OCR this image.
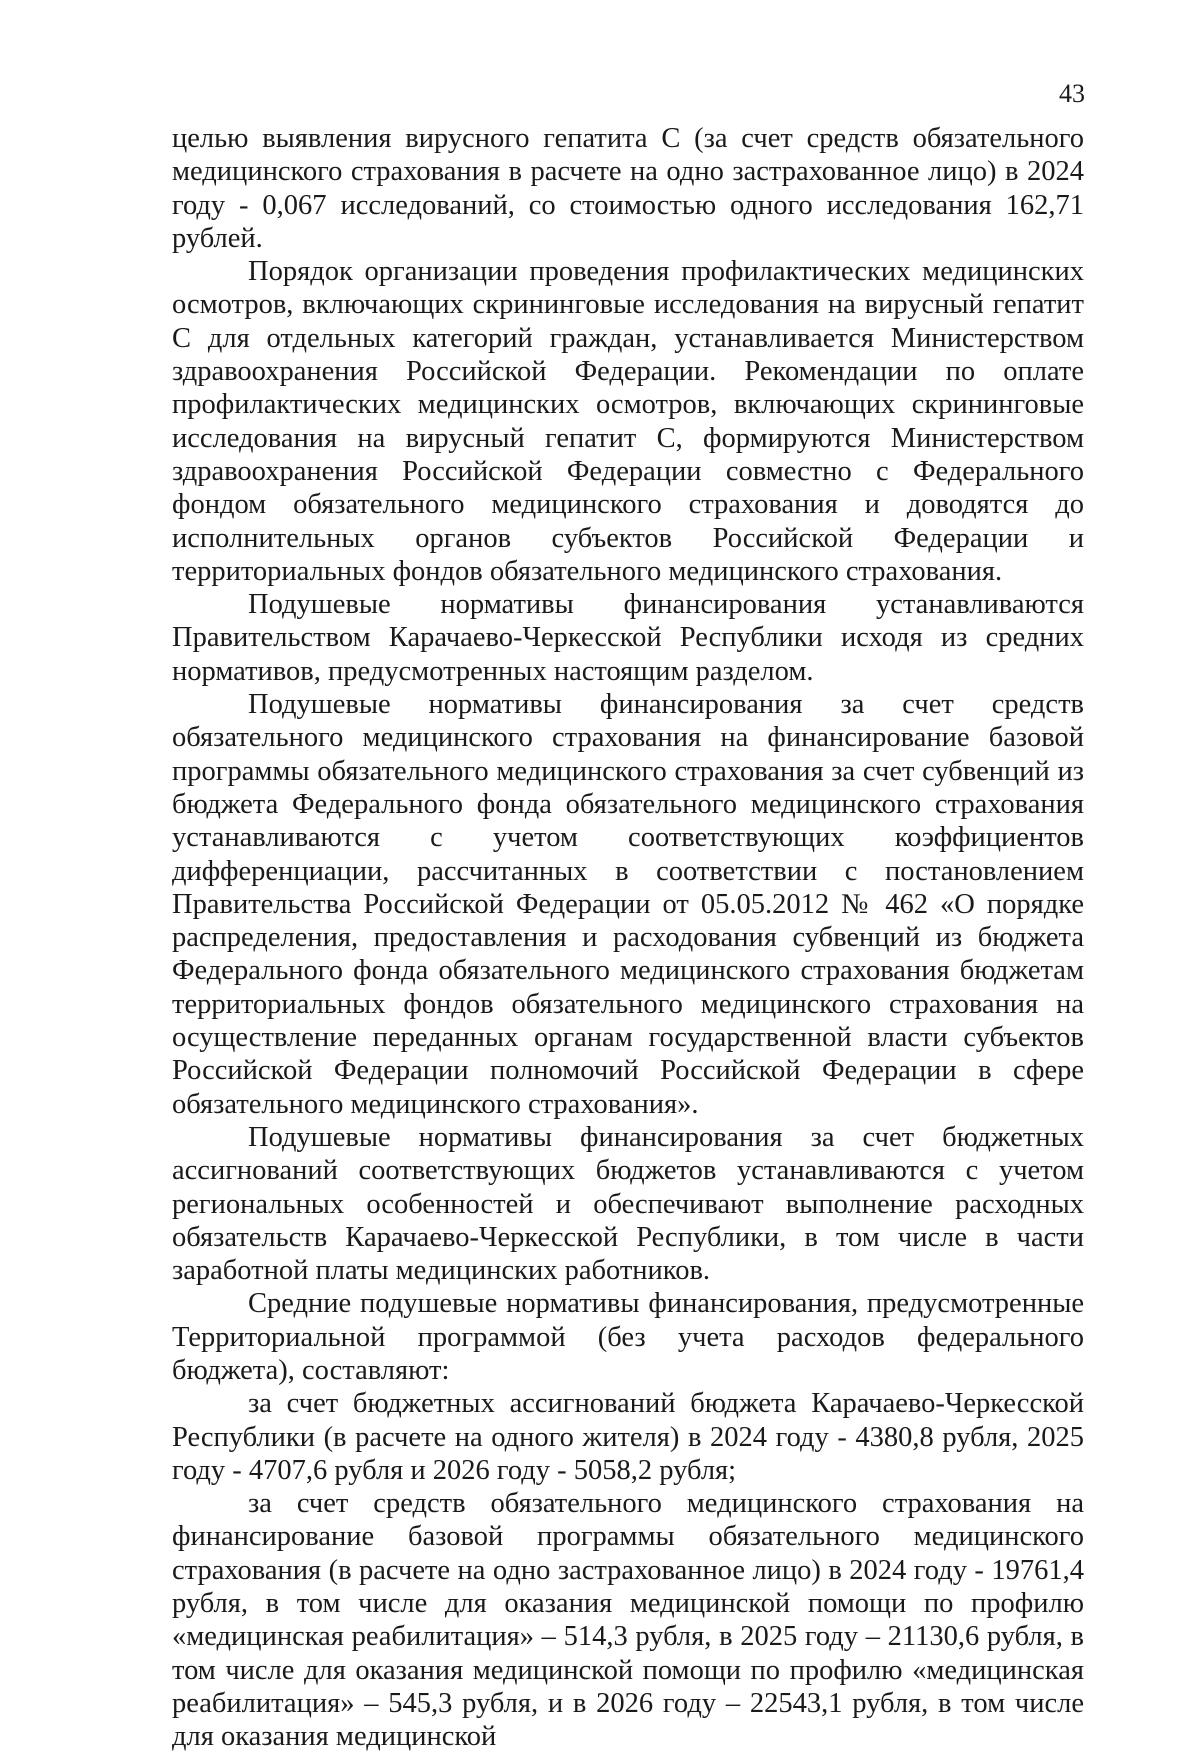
43

целью выявления вирусного гепатита С (за счет средств обязательного медицинского страхования в расчете на одно застрахованное лицо) в 2024 году - 0,067 исследований, со стоимостью одного исследования 162,71 рублей.

Порядок организации проведения профилактических медицинских осмотров, включающих скрининговые исследования на вирусный гепатит С для отдельных категорий граждан, устанавливается Министерством здравоохранения Российской Федерации. Рекомендации по оплате профилактических медицинских осмотров, включающих скрининговые исследования на вирусный гепатит С, формируются Министерством здравоохранения Российской Федерации совместно с Федерального фондом обязательного медицинского страхования и доводятся до исполнительных органов субъектов Российской Федерации и территориальных фондов обязательного медицинского страхования.

Подушевые нормативы финансирования устанавливаются Правительством Карачаево-Черкесской Республики исходя из средних нормативов, предусмотренных настоящим разделом.

Подушевые нормативы финансирования за счет средств обязательного медицинского страхования на финансирование базовой программы обязательного медицинского страхования за счет субвенций из бюджета Федерального фонда обязательного медицинского страхования устанавливаются с учетом соответствующих коэффициентов дифференциации, рассчитанных в соответствии с постановлением Правительства Российской Федерации от 05.05.2012 № 462 «О порядке распределения, предоставления и расходования субвенций из бюджета Федерального фонда обязательного медицинского страхования бюджетам территориальных фондов обязательного медицинского страхования на осуществление переданных органам государственной власти субъектов Российской Федерации полномочий Российской Федерации в сфере обязательного медицинского страхования».

Подушевые нормативы финансирования за счет бюджетных ассигнований соответствующих бюджетов устанавливаются с учетом региональных особенностей и обеспечивают выполнение расходных обязательств Карачаево-Черкесской Республики, в том числе в части заработной платы медицинских работников.

Средние подушевые нормативы финансирования, предусмотренные Территориальной программой (без учета расходов федерального бюджета), составляют:

за счет бюджетных ассигнований бюджета Карачаево-Черкесской Республики (в расчете на одного жителя) в 2024 году - 4380,8 рубля, 2025 году - 4707,6 рубля и 2026 году - 5058,2 рубля;

за счет средств обязательного медицинского страхования на финансирование базовой программы обязательного медицинского страхования (в расчете на одно застрахованное лицо) в 2024 году - 19761,4 рубля, в том числе для оказания медицинской помощи по профилю «медицинская реабилитация» – 514,3 рубля, в 2025 году – 21130,6 рубля, в том числе для оказания медицинской помощи по профилю «медицинская реабилитация» – 545,3 рубля, и в 2026 году – 22543,1 рубля, в том числе для оказания медицинской
